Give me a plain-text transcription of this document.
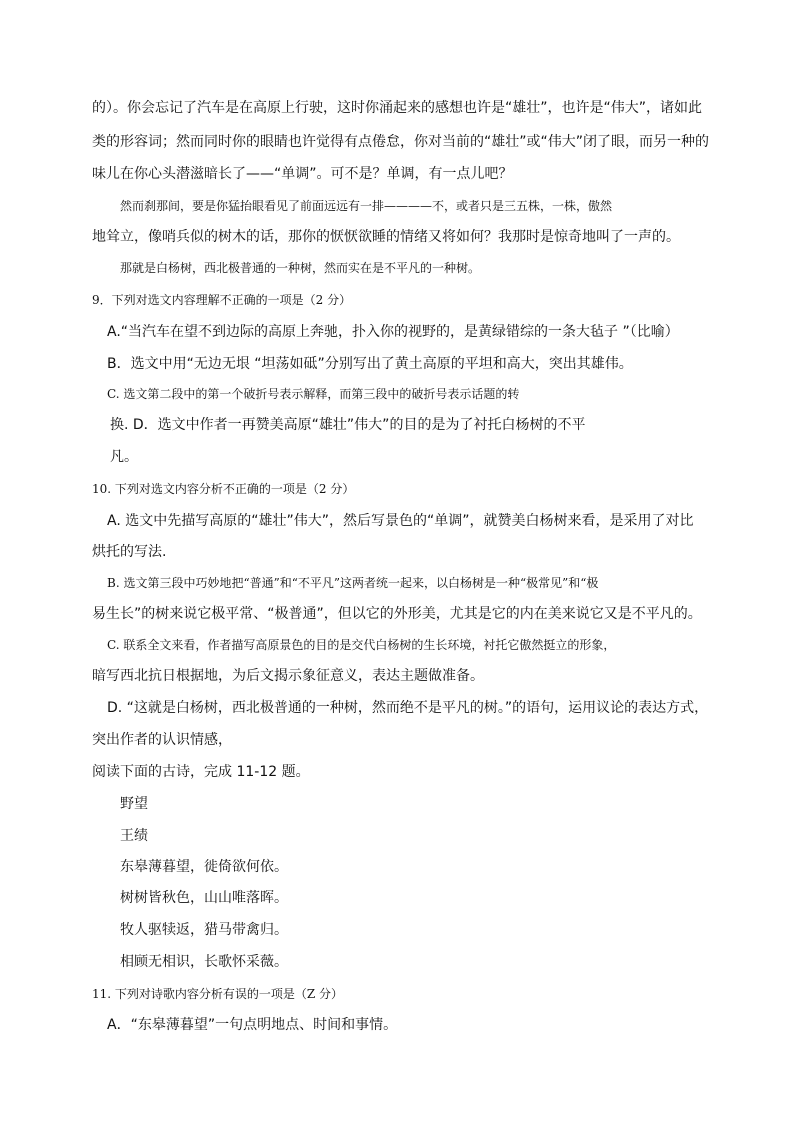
的）。你会忘记了汽车是在高原上行驶，这时你涌起来的感想也许是“雄壮”，也许是“伟大”，诸如此
类的形容词；然而同时你的眼睛也许觉得有点倦怠，你对当前的“雄壮”或“伟大”闭了眼，而另一种的
味儿在你心头潜滋暗长了——“单调”。可不是？单调，有一点儿吧？
然而刹那间，要是你猛抬眼看见了前面远远有一排————不，或者只是三五株，一株，傲然
地耸立，像哨兵似的树木的话，那你的恹恹欲睡的情绪又将如何？我那时是惊奇地叫了一声的。
那就是白杨树，西北极普通的一种树，然而实在是不平凡的一种树。
9．下列对选文内容理解不正确的一项是（2 分）
A.“当汽车在望不到边际的高原上奔驰，扑入你的视野的，是黄绿错综的一条大毡子 ”（比喻）
B．选文中用“无边无垠 “坦荡如砥”分别写出了黄土高原的平坦和高大，突出其雄伟。
C. 选文第二段中的第一个破折号表示解释，而第三段中的破折号表示话题的转
换. D．选文中作者一再赞美高原“雄壮”伟大”的目的是为了衬托白杨树的不平
凡。
10. 下列对选文内容分析不正确的一项是（2 分）
A. 选文中先描写高原的“雄壮”伟大”，然后写景色的“单调”，就赞美白杨树来看，是采用了对比
烘托的写法.
B. 选文第三段中巧妙地把“普通”和“不平凡”这两者统一起来，以白杨树是一种“极常见”和“极
易生长”的树来说它极平常、“极普通”，但以它的外形美，尤其是它的内在美来说它又是不平凡的。
C. 联系全文来看，作者描写高原景色的目的是交代白杨树的生长环境，衬托它傲然挺立的形象，
暗写西北抗日根据地，为后文揭示象征意义，表达主题做准备。
D. “这就是白杨树，西北极普通的一种树，然而绝不是平凡的树。”的语句，运用议论的表达方式，
突出作者的认识情感，
阅读下面的古诗，完成 11-12 题。
野望
王绩
东皋薄暮望，徙倚欲何依。
树树皆秋色，山山唯落晖。
牧人驱犊返，猎马带禽归。
相顾无相识，长歌怀采薇。
11. 下列对诗歌内容分析有误的一项是（Z 分）
A．“东皋薄暮望”一句点明地点、时间和事情。
